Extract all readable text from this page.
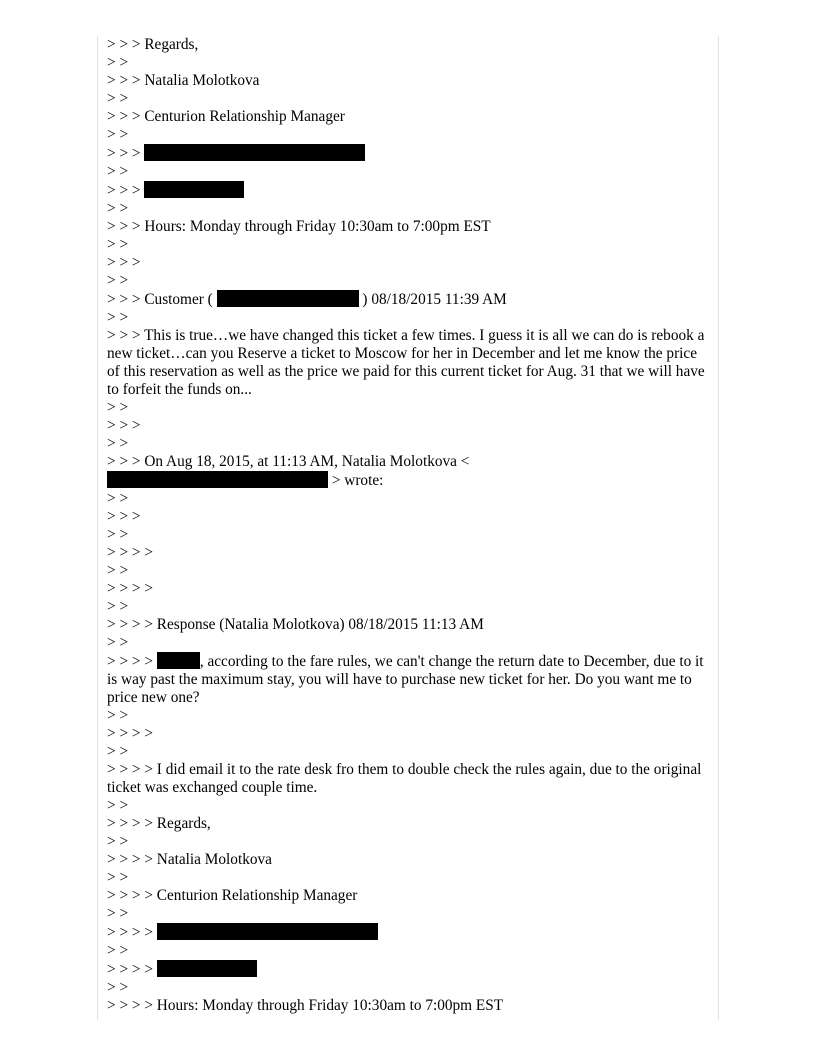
> > > Regards,
> >
> > > Natalia Molotkova
> >
> > > Centurion Relationship Manager
> >
> > >
> >
> > >
> >
> > > Hours: Monday through Friday 10:30am to 7:00pm EST
> >
> > >
> >
> > > Customer (	) 08/18/2015 11:39 AM
> >
> > > This is true…we have changed this ticket a few times. I guess it is all we can do is rebook a new ticket…can you Reserve a ticket to Moscow for her in December and let me know the price of this reservation as well as the price we paid for this current ticket for Aug. 31 that we will have to forfeit the funds on...
> >
> > >
> >
> > > On Aug 18, 2015, at 11:13 AM, Natalia Molotkova <
> wrote:
> >
> > >
> >
> > > >
> >
> > > >
> >
> > > > Response (Natalia Molotkova) 08/18/2015 11:13 AM
> >
> > > >	, according to the fare rules, we can't change the return date to December, due to it is way past the maximum stay, you will have to purchase new ticket for her. Do you want me to price new one?
> >
> > > >
> >
> > > > I did email it to the rate desk fro them to double check the rules again, due to the original ticket was exchanged couple time.
> >
> > > > Regards,
> >
> > > > Natalia Molotkova
> >
> > > > Centurion Relationship Manager
> >
> > > >
> >
> > > >
> >
> > > > Hours: Monday through Friday 10:30am to 7:00pm EST
